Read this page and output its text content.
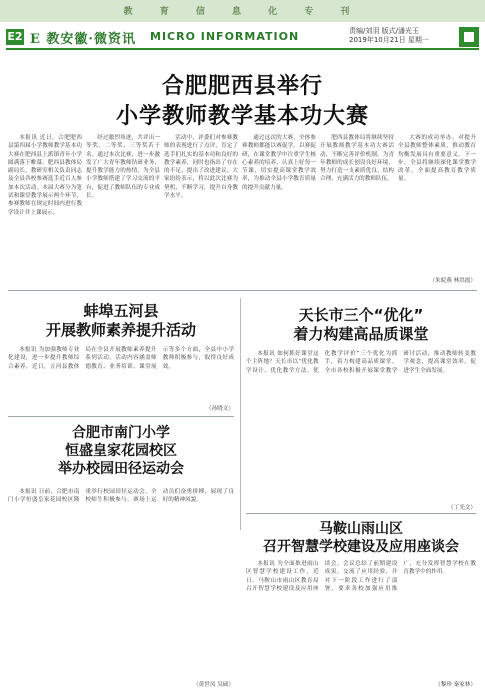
教 育 信 息 化 专 刊
E2 E 教安徽·微资讯 MICRO INFORMATION	责编/刘羽 版式/潘光玉
2019年10月21日 星期一
合肥肥西县举行
小学教师教学基本功大赛

本报讯 近日，合肥肥西县第四届小学教师教学基本功大赛在肥西县上派镇青年小学圆满落下帷幕。肥西县教体局副局长、教研室相关负责同志及全县各校参赛选手近百人参加本次活动。本届大赛分为笔试和课堂教学展示两个环节，参赛教师在规定时间内进行教学设计并上课展示。

经过激烈角逐，共评出一等奖、二等奖、三等奖若干名。通过本次比赛，进一步激发了广大青年教师钻研业务、提升教学能力的热情，为全县小学教师搭建了学习交流的平台，促进了教师队伍的专业成长。

活动中，评委们对参赛教师的表现进行了点评，肯定了选手们扎实的基本功和良好的教学素养，同时也指出了存在的不足，提出了改进建议。大家纷纷表示，将以此次比赛为契机，不断学习，提升自身教学水平。

通过这次的大赛，全体参赛教师都能以赛促学、以赛促研，在课堂教学中注重学生核心素养的培养，认真上好每一节课，切实提高课堂教学效率，为推动全县小学教育质量的提升贡献力量。

肥西县教体局将继续坚持开展教师教学基本功大赛活动，不断完善评价机制，为青年教师的成长创设良好环境，努力打造一支素质优良、结构合理、充满活力的教师队伍。

大赛的成功举办，对提升全县教师整体素质、推动教育均衡发展具有重要意义。下一步，全县将继续深化课堂教学改革，全面提高教育教学质量。

（朱皖燕 林洪霞）
蚌埠五河县
开展教师素养提升活动

本报讯 为加强教师专业化建设，进一步提升教师综合素养，近日，五河县教体局在全县开展教师素养提升系列活动。活动内容涵盖师德教育、业务培训、课堂展示等多个方面，全县中小学教师积极参与，取得良好成效。

（孙晓文）
天长市三个“优化”
着力构建高品质课堂

本报讯 如何抓好课堂这个主阵地？天长市以“优化教学设计、优化教学方法、优化教学评价”三个优化为抓手，着力构建高品质课堂。全市各校积极开展课堂教学研讨活动，推动教师转变教学观念，提高课堂效率，促进学生全面发展。

（丁光文）
合肥市南门小学
恒盛皇家花园校区
举办校园田径运动会

本报讯 日前，合肥市南门小学恒盛皇家花园校区隆重举行校园田径运动会。全校师生积极参与，赛场上运动员们奋勇拼搏，展现了良好的精神风貌。

（黄世凤 吴硕）
马鞍山雨山区
召开智慧学校建设及应用座谈会

本报讯 为全面推进雨山区智慧学校建设工作，近日，马鞍山市雨山区教育局召开智慧学校建设及应用座谈会。会议总结了前期建设成果，交流了应用经验，并对下一阶段工作进行了部署，要求各校加强应用推广，充分发挥智慧学校在教育教学中的作用。

（黎珍 秦家林）
